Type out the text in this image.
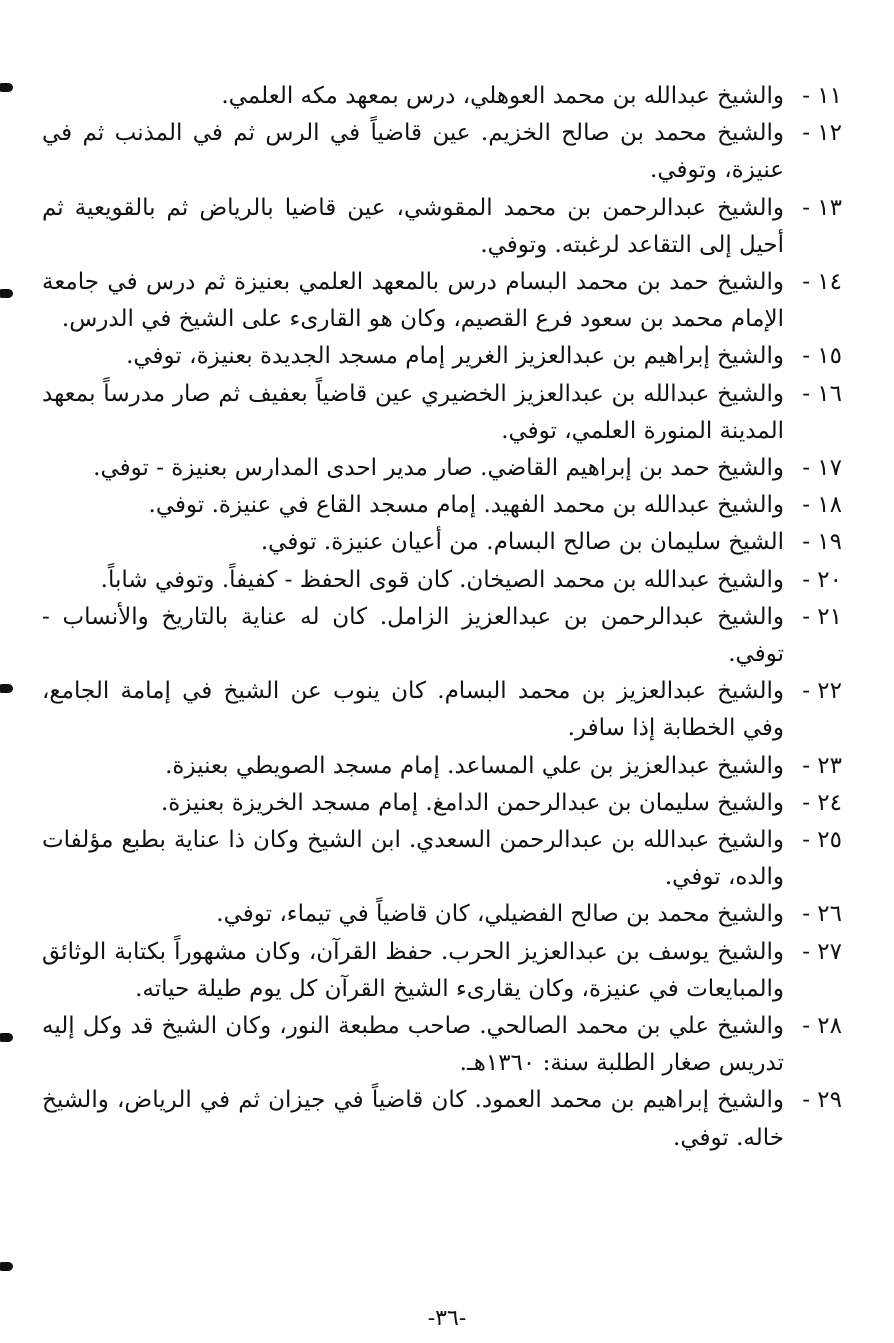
١١ -
والشيخ عبدالله بن محمد العوهلي، درس بمعهد مكه العلمي.
١٢ -
والشيخ محمد بن صالح الخزيم. عين قاضياً في الرس ثم في المذنب ثم في عنيزة، وتوفي.
١٣ -
والشيخ عبدالرحمن بن محمد المقوشي، عين قاضيا بالرياض ثم بالقويعية ثم أحيل إلى التقاعد لرغبته. وتوفي.
١٤ -
والشيخ حمد بن محمد البسام درس بالمعهد العلمي بعنيزة ثم درس في جامعة الإمام محمد بن سعود فرع القصيم، وكان هو القارىء على الشيخ في الدرس.
١٥ -
والشيخ إبراهيم بن عبدالعزيز الغرير إمام مسجد الجديدة بعنيزة، توفي.
١٦ -
والشيخ عبدالله بن عبدالعزيز الخضيري عين قاضياً بعفيف ثم صار مدرساً بمعهد المدينة المنورة العلمي، توفي.
١٧ -
والشيخ حمد بن إبراهيم القاضي. صار مدير احدى المدارس بعنيزة - توفي.
١٨ -
والشيخ عبدالله بن محمد الفهيد. إمام مسجد القاع في عنيزة. توفي.
١٩ -
الشيخ سليمان بن صالح البسام. من أعيان عنيزة. توفي.
٢٠ -
والشيخ عبدالله بن محمد الصيخان. كان قوى الحفظ - كفيفاً. وتوفي شاباً.
٢١ -
والشيخ عبدالرحمن بن عبدالعزيز الزامل. كان له عناية بالتاريخ والأنساب - توفي.
٢٢ -
والشيخ عبدالعزيز بن محمد البسام. كان ينوب عن الشيخ في إمامة الجامع، وفي الخطابة إذا سافر.
٢٣ -
والشيخ عبدالعزيز بن علي المساعد. إمام مسجد الصويطي بعنيزة.
٢٤ -
والشيخ سليمان بن عبدالرحمن الدامغ. إمام مسجد الخريزة بعنيزة.
٢٥ -
والشيخ عبدالله بن عبدالرحمن السعدي. ابن الشيخ وكان ذا عناية بطبع مؤلفات والده، توفي.
٢٦ -
والشيخ محمد بن صالح الفضيلي، كان قاضياً في تيماء، توفي.
٢٧ -
والشيخ يوسف بن عبدالعزيز الحرب. حفظ القرآن، وكان مشهوراً بكتابة الوثائق والمبايعات في عنيزة، وكان يقارىء الشيخ القرآن كل يوم طيلة حياته.
٢٨ -
والشيخ علي بن محمد الصالحي. صاحب مطبعة النور، وكان الشيخ قد وكل إليه تدريس صغار الطلبة سنة: ١٣٦٠هـ.
٢٩ -
والشيخ إبراهيم بن محمد العمود. كان قاضياً في جيزان ثم في الرياض، والشيخ خاله. توفي.
-٣٦-
